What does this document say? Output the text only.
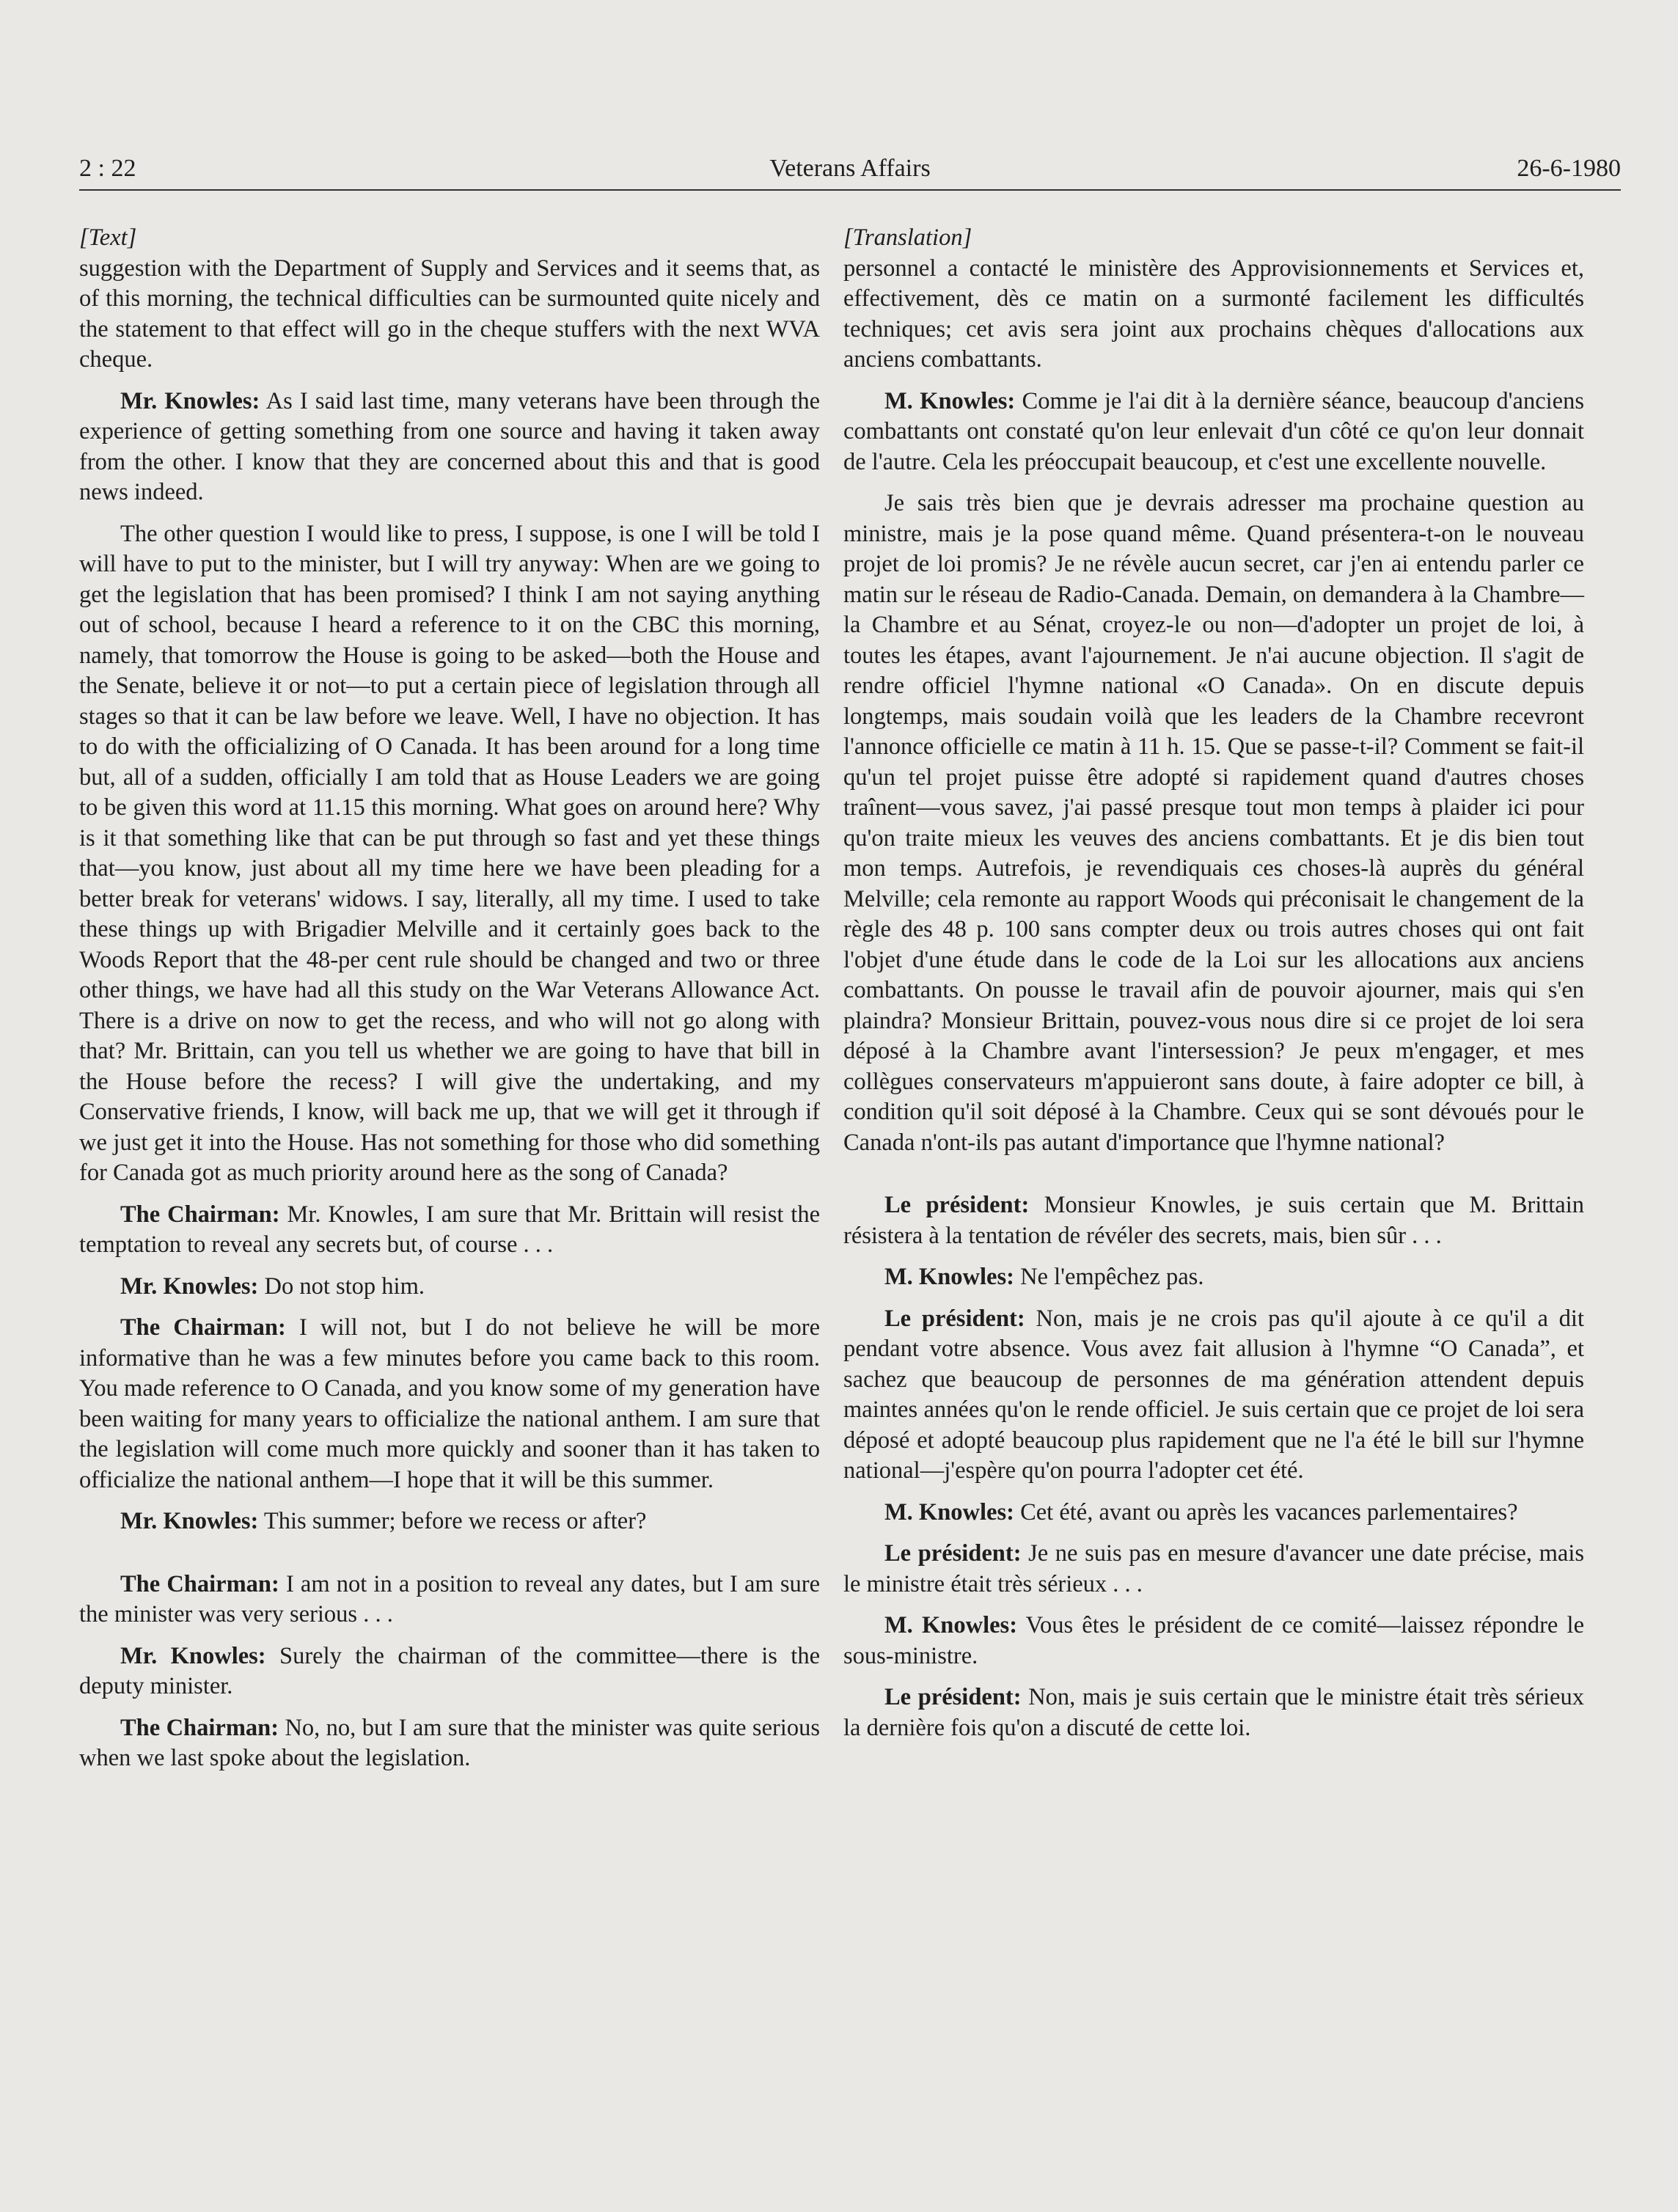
2 : 22	Veterans Affairs	26-6-1980

[Text]

suggestion with the Department of Supply and Services and it seems that, as of this morning, the technical difficulties can be surmounted quite nicely and the statement to that effect will go in the cheque stuffers with the next WVA cheque.

Mr. Knowles: As I said last time, many veterans have been through the experience of getting something from one source and having it taken away from the other. I know that they are concerned about this and that is good news indeed.

The other question I would like to press, I suppose, is one I will be told I will have to put to the minister, but I will try anyway: When are we going to get the legislation that has been promised? I think I am not saying anything out of school, because I heard a reference to it on the CBC this morning, namely, that tomorrow the House is going to be asked—both the House and the Senate, believe it or not—to put a certain piece of legislation through all stages so that it can be law before we leave. Well, I have no objection. It has to do with the officializing of O Canada. It has been around for a long time but, all of a sudden, officially I am told that as House Leaders we are going to be given this word at 11.15 this morning. What goes on around here? Why is it that something like that can be put through so fast and yet these things that—you know, just about all my time here we have been pleading for a better break for veterans' widows. I say, literally, all my time. I used to take these things up with Brigadier Melville and it certainly goes back to the Woods Report that the 48-per cent rule should be changed and two or three other things, we have had all this study on the War Veterans Allowance Act. There is a drive on now to get the recess, and who will not go along with that? Mr. Brittain, can you tell us whether we are going to have that bill in the House before the recess? I will give the undertaking, and my Conservative friends, I know, will back me up, that we will get it through if we just get it into the House. Has not something for those who did something for Canada got as much priority around here as the song of Canada?

The Chairman: Mr. Knowles, I am sure that Mr. Brittain will resist the temptation to reveal any secrets but, of course . . .

Mr. Knowles: Do not stop him.

The Chairman: I will not, but I do not believe he will be more informative than he was a few minutes before you came back to this room. You made reference to O Canada, and you know some of my generation have been waiting for many years to officialize the national anthem. I am sure that the legislation will come much more quickly and sooner than it has taken to officialize the national anthem—I hope that it will be this summer.

Mr. Knowles: This summer; before we recess or after?

The Chairman: I am not in a position to reveal any dates, but I am sure the minister was very serious . . .

Mr. Knowles: Surely the chairman of the committee—there is the deputy minister.

The Chairman: No, no, but I am sure that the minister was quite serious when we last spoke about the legislation.

[Translation]

personnel a contacté le ministère des Approvisionnements et Services et, effectivement, dès ce matin on a surmonté facilement les difficultés techniques; cet avis sera joint aux prochains chèques d'allocations aux anciens combattants.

M. Knowles: Comme je l'ai dit à la dernière séance, beaucoup d'anciens combattants ont constaté qu'on leur enlevait d'un côté ce qu'on leur donnait de l'autre. Cela les préoccupait beaucoup, et c'est une excellente nouvelle.

Je sais très bien que je devrais adresser ma prochaine question au ministre, mais je la pose quand même. Quand présentera-t-on le nouveau projet de loi promis? Je ne révèle aucun secret, car j'en ai entendu parler ce matin sur le réseau de Radio-Canada. Demain, on demandera à la Chambre—la Chambre et au Sénat, croyez-le ou non—d'adopter un projet de loi, à toutes les étapes, avant l'ajournement. Je n'ai aucune objection. Il s'agit de rendre officiel l'hymne national «O Canada». On en discute depuis longtemps, mais soudain voilà que les leaders de la Chambre recevront l'annonce officielle ce matin à 11 h. 15. Que se passe-t-il? Comment se fait-il qu'un tel projet puisse être adopté si rapidement quand d'autres choses traînent—vous savez, j'ai passé presque tout mon temps à plaider ici pour qu'on traite mieux les veuves des anciens combattants. Et je dis bien tout mon temps. Autrefois, je revendiquais ces choses-là auprès du général Melville; cela remonte au rapport Woods qui préconisait le changement de la règle des 48 p. 100 sans compter deux ou trois autres choses qui ont fait l'objet d'une étude dans le code de la Loi sur les allocations aux anciens combattants. On pousse le travail afin de pouvoir ajourner, mais qui s'en plaindra? Monsieur Brittain, pouvez-vous nous dire si ce projet de loi sera déposé à la Chambre avant l'intersession? Je peux m'engager, et mes collègues conservateurs m'appuieront sans doute, à faire adopter ce bill, à condition qu'il soit déposé à la Chambre. Ceux qui se sont dévoués pour le Canada n'ont-ils pas autant d'importance que l'hymne national?

Le président: Monsieur Knowles, je suis certain que M. Brittain résistera à la tentation de révéler des secrets, mais, bien sûr . . .

M. Knowles: Ne l'empêchez pas.

Le président: Non, mais je ne crois pas qu'il ajoute à ce qu'il a dit pendant votre absence. Vous avez fait allusion à l'hymne “O Canada”, et sachez que beaucoup de personnes de ma génération attendent depuis maintes années qu'on le rende officiel. Je suis certain que ce projet de loi sera déposé et adopté beaucoup plus rapidement que ne l'a été le bill sur l'hymne national—j'espère qu'on pourra l'adopter cet été.

M. Knowles: Cet été, avant ou après les vacances parlementaires?

Le président: Je ne suis pas en mesure d'avancer une date précise, mais le ministre était très sérieux . . .

M. Knowles: Vous êtes le président de ce comité—laissez répondre le sous-ministre.

Le président: Non, mais je suis certain que le ministre était très sérieux la dernière fois qu'on a discuté de cette loi.
